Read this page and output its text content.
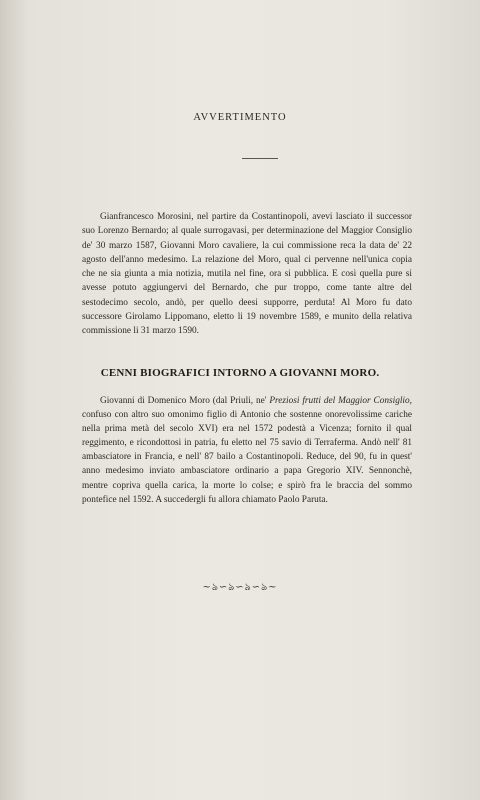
AVVERTIMENTO
Gianfrancesco Morosini, nel partire da Costantinopoli, avevi lasciato il successor suo Lorenzo Bernardo; al quale surrogavasi, per determinazione del Maggior Consiglio de' 30 marzo 1587, Giovanni Moro cavaliere, la cui commissione reca la data de' 22 agosto dell'anno medesimo. La relazione del Moro, qual ci pervenne nell'unica copia che ne sia giunta a mia notizia, mutila nel fine, ora si pubblica. E così quella pure si avesse potuto aggiungervi del Bernardo, che pur troppo, come tante altre del sestodecimo secolo, andò, per quello deesi supporre, perduta! Al Moro fu dato successore Girolamo Lippomano, eletto li 19 novembre 1589, e munito della relativa commissione li 31 marzo 1590.
CENNI BIOGRAFICI INTORNO A GIOVANNI MORO.
Giovanni di Domenico Moro (dal Priuli, ne' Preziosi frutti del Maggior Consiglio, confuso con altro suo omonimo figlio di Antonio che sostenne onorevolissime cariche nella prima metà del secolo XVI) era nel 1572 podestà a Vicenza; fornito il qual reggimento, e ricondottosi in patria, fu eletto nel 75 savio di Terraferma. Andò nell' 81 ambasciatore in Francia, e nell' 87 bailo a Costantinopoli. Reduce, del 90, fu in quest' anno medesimo inviato ambasciatore ordinario a papa Gregorio XIV. Sennonchè, mentre copriva quella carica, la morte lo colse; e spirò fra le braccia del sommo pontefice nel 1592. A succedergli fu allora chiamato Paolo Paruta.
~ঌ∽ঌ∽ঌ∽ঌ~
